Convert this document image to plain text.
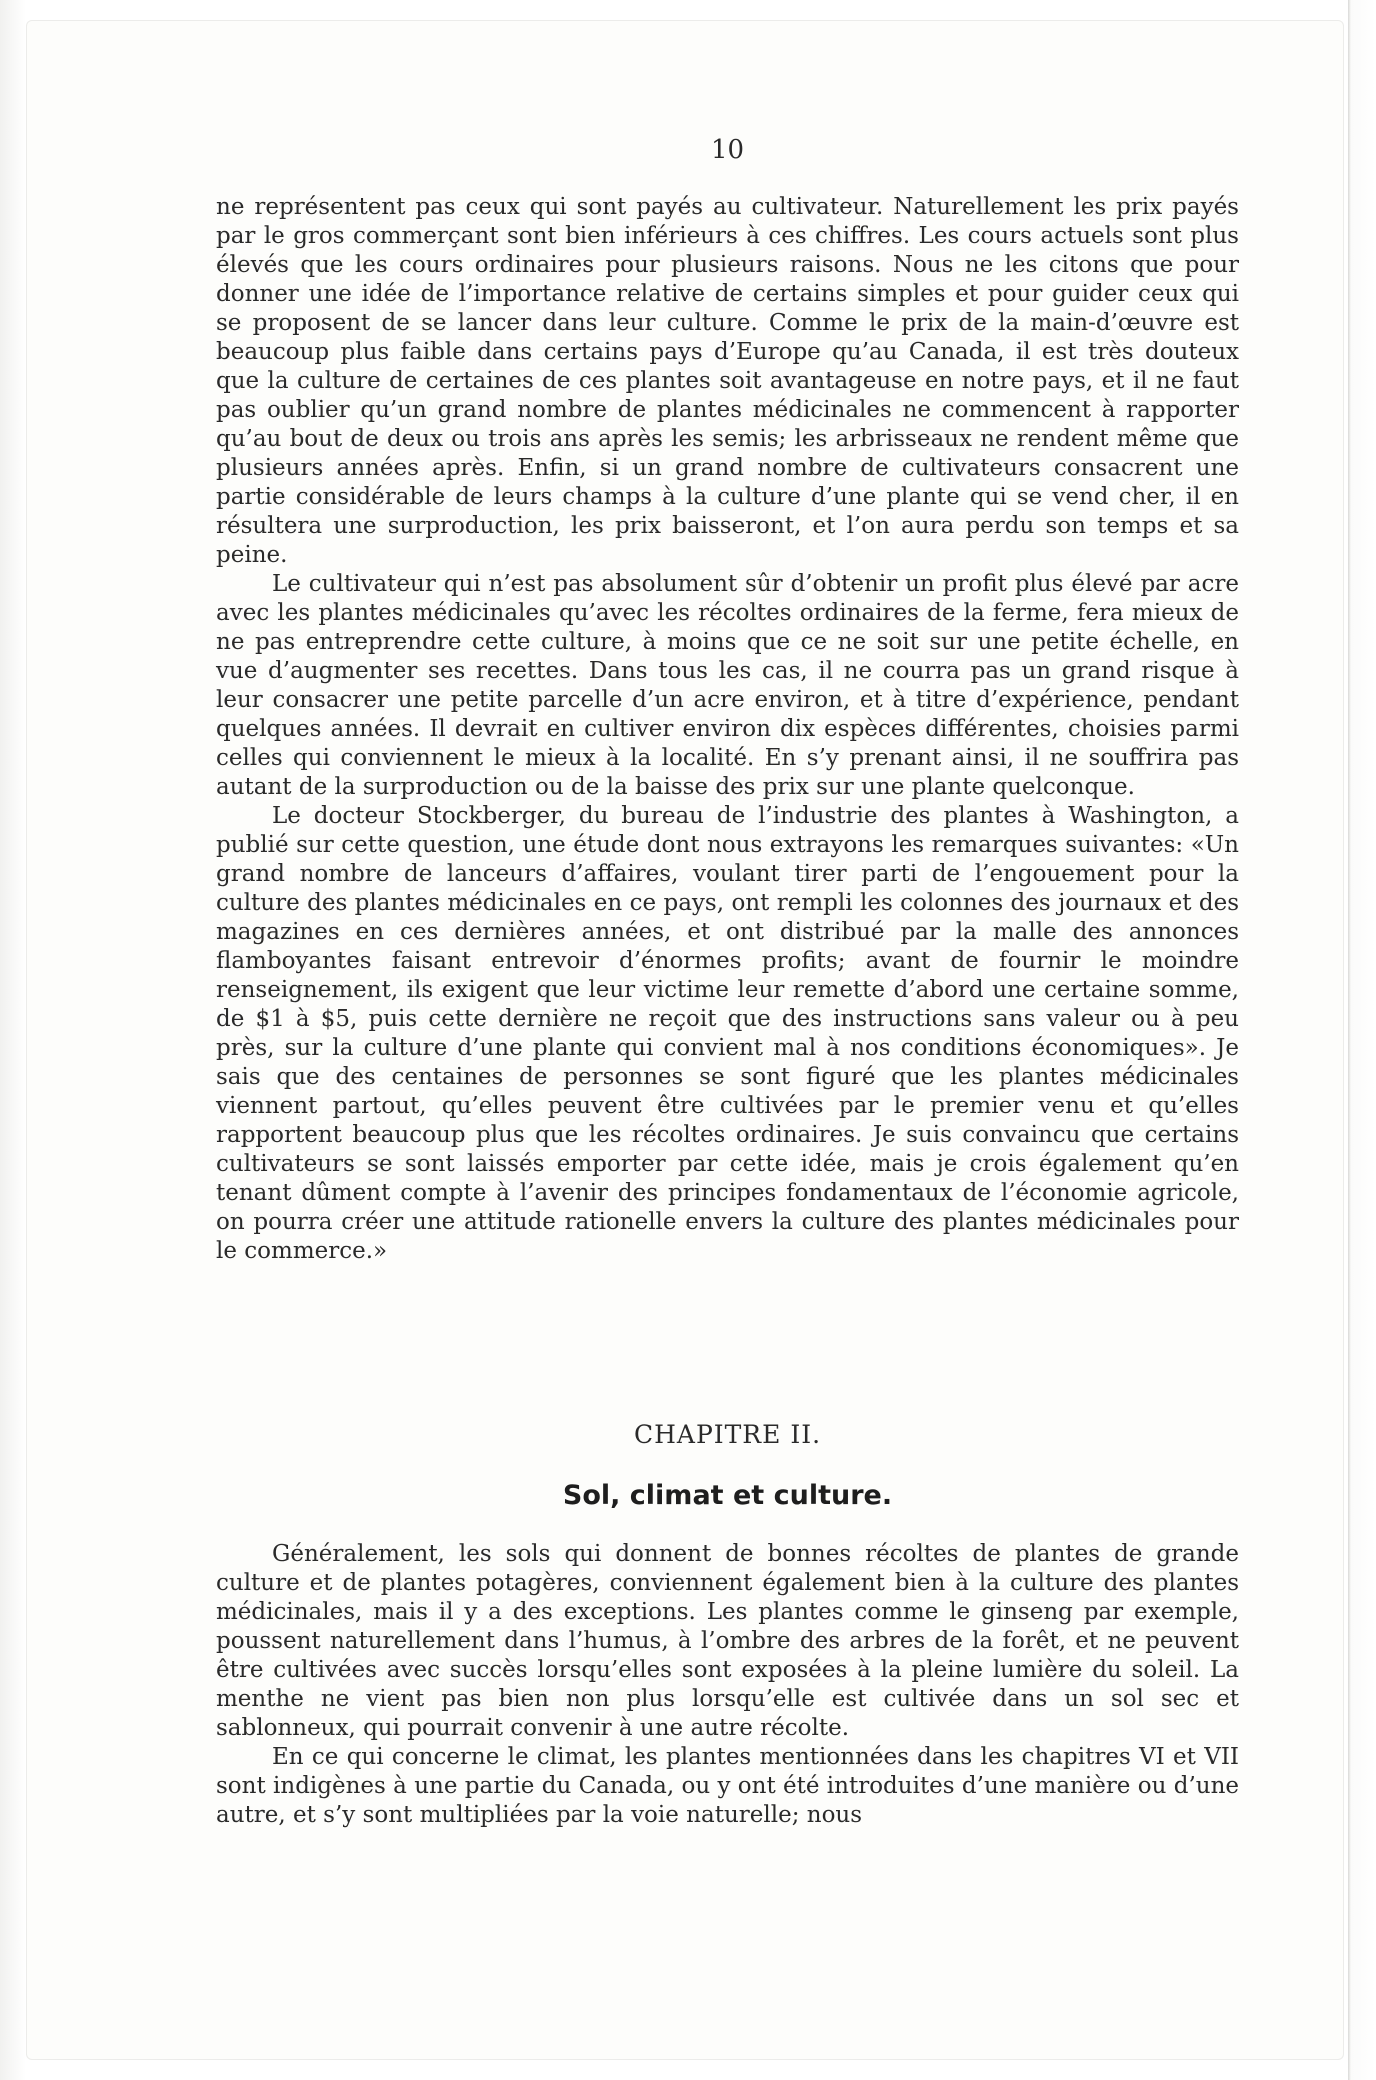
10

ne représentent pas ceux qui sont payés au cultivateur. Naturellement les prix payés par le gros commerçant sont bien inférieurs à ces chiffres. Les cours actuels sont plus élevés que les cours ordinaires pour plusieurs raisons. Nous ne les citons que pour donner une idée de l’importance relative de certains simples et pour guider ceux qui se proposent de se lancer dans leur culture. Comme le prix de la main-d’œuvre est beaucoup plus faible dans certains pays d’Europe qu’au Canada, il est très douteux que la culture de certaines de ces plantes soit avantageuse en notre pays, et il ne faut pas oublier qu’un grand nombre de plantes médicinales ne commencent à rapporter qu’au bout de deux ou trois ans après les semis; les arbrisseaux ne rendent même que plusieurs années après. Enfin, si un grand nombre de cultivateurs consacrent une partie considérable de leurs champs à la culture d’une plante qui se vend cher, il en résultera une surproduction, les prix baisseront, et l’on aura perdu son temps et sa peine.

Le cultivateur qui n’est pas absolument sûr d’obtenir un profit plus élevé par acre avec les plantes médicinales qu’avec les récoltes ordinaires de la ferme, fera mieux de ne pas entreprendre cette culture, à moins que ce ne soit sur une petite échelle, en vue d’augmenter ses recettes. Dans tous les cas, il ne courra pas un grand risque à leur consacrer une petite parcelle d’un acre environ, et à titre d’expérience, pendant quelques années. Il devrait en cultiver environ dix espèces différentes, choisies parmi celles qui conviennent le mieux à la localité. En s’y prenant ainsi, il ne souffrira pas autant de la surproduction ou de la baisse des prix sur une plante quelconque.

Le docteur Stockberger, du bureau de l’industrie des plantes à Washington, a publié sur cette question, une étude dont nous extrayons les remarques suivantes: «Un grand nombre de lanceurs d’affaires, voulant tirer parti de l’engouement pour la culture des plantes médicinales en ce pays, ont rempli les colonnes des journaux et des magazines en ces dernières années, et ont distribué par la malle des annonces flamboyantes faisant entrevoir d’énormes profits; avant de fournir le moindre renseignement, ils exigent que leur victime leur remette d’abord une certaine somme, de $1 à $5, puis cette dernière ne reçoit que des instructions sans valeur ou à peu près, sur la culture d’une plante qui convient mal à nos conditions économiques». Je sais que des centaines de personnes se sont figuré que les plantes médicinales viennent partout, qu’elles peuvent être cultivées par le premier venu et qu’elles rapportent beaucoup plus que les récoltes ordinaires. Je suis convaincu que certains cultivateurs se sont laissés emporter par cette idée, mais je crois également qu’en tenant dûment compte à l’avenir des principes fondamentaux de l’économie agricole, on pourra créer une attitude rationelle envers la culture des plantes médicinales pour le commerce.»

CHAPITRE II.
Sol, climat et culture.

Généralement, les sols qui donnent de bonnes récoltes de plantes de grande culture et de plantes potagères, conviennent également bien à la culture des plantes médicinales, mais il y a des exceptions. Les plantes comme le ginseng par exemple, poussent naturellement dans l’humus, à l’ombre des arbres de la forêt, et ne peuvent être cultivées avec succès lorsqu’elles sont exposées à la pleine lumière du soleil. La menthe ne vient pas bien non plus lorsqu’elle est cultivée dans un sol sec et sablonneux, qui pourrait convenir à une autre récolte.

En ce qui concerne le climat, les plantes mentionnées dans les chapitres VI et VII sont indigènes à une partie du Canada, ou y ont été introduites d’une manière ou d’une autre, et s’y sont multipliées par la voie naturelle; nous
